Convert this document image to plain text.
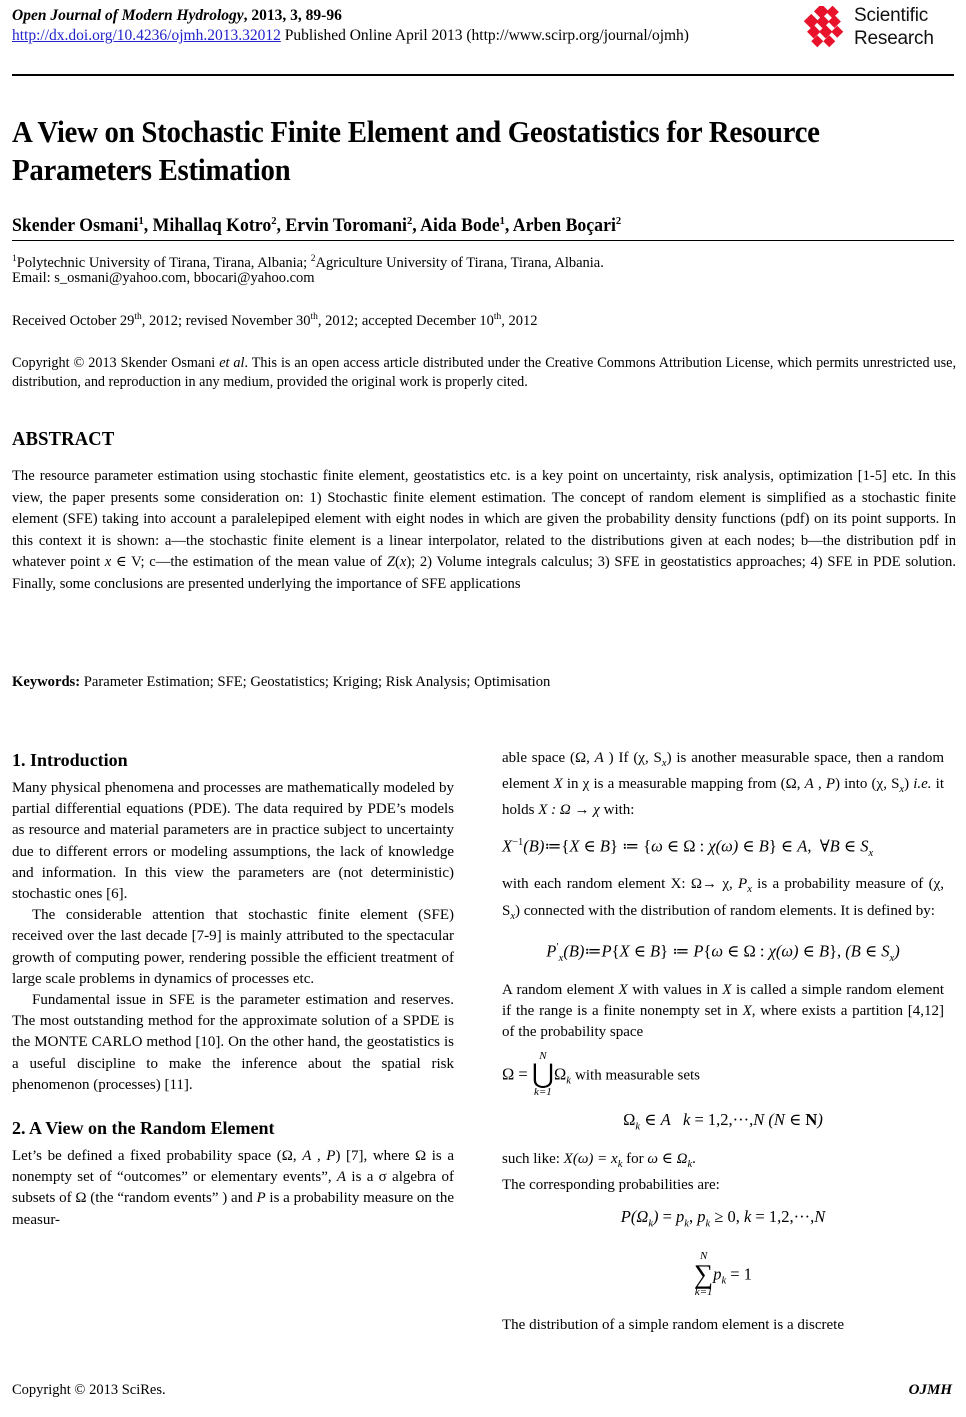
Open Journal of Modern Hydrology, 2013, 3, 89-96
http://dx.doi.org/10.4236/ojmh.2013.32012 Published Online April 2013 (http://www.scirp.org/journal/ojmh)
Scientific
Research
A View on Stochastic Finite Element and Geostatistics for Resource Parameters Estimation
Skender Osmani$^1$, Mihallaq Kotro$^2$, Ervin Toromani$^2$, Aida Bode$^1$, Arben Boçari$^2$
$^1$Polytechnic University of Tirana, Tirana, Albania; $^2$Agriculture University of Tirana, Tirana, Albania.
Email: s_osmani@yahoo.com, bbocari@yahoo.com
Received October 29th, 2012; revised November 30th, 2012; accepted December 10th, 2012
Copyright © 2013 Skender Osmani et al. This is an open access article distributed under the Creative Commons Attribution License, which permits unrestricted use, distribution, and reproduction in any medium, provided the original work is properly cited.
ABSTRACT
The resource parameter estimation using stochastic finite element, geostatistics etc. is a key point on uncertainty, risk analysis, optimization [1-5] etc. In this view, the paper presents some consideration on: 1) Stochastic finite element estimation. The concept of random element is simplified as a stochastic finite element (SFE) taking into account a paralelepiped element with eight nodes in which are given the probability density functions (pdf) on its point supports. In this context it is shown: a—the stochastic finite element is a linear interpolator, related to the distributions given at each nodes; b—the distribution pdf in whatever point x ∈ V; c—the estimation of the mean value of Z(x); 2) Volume integrals calculus; 3) SFE in geostatistics approaches; 4) SFE in PDE solution. Finally, some conclusions are presented underlying the importance of SFE applications
Keywords: Parameter Estimation; SFE; Geostatistics; Kriging; Risk Analysis; Optimisation
1. Introduction

Many physical phenomena and processes are mathematically modeled by partial differential equations (PDE). The data required by PDE’s models as resource and material parameters are in practice subject to uncertainty due to different errors or modeling assumptions, the lack of knowledge and information. In this view the parameters are (not deterministic) stochastic ones [6].

The considerable attention that stochastic finite element (SFE) received over the last decade [7-9] is mainly attributed to the spectacular growth of computing power, rendering possible the efficient treatment of large scale problems in dynamics of processes etc.

Fundamental issue in SFE is the parameter estimation and reserves. The most outstanding method for the approximate solution of a SPDE is the MONTE CARLO method [10]. On the other hand, the geostatistics is a useful discipline to make the inference about the spatial risk phenomenon (processes) [11].

2. A View on the Random Element

Let’s be defined a fixed probability space (Ω, A , P) [7], where Ω is a nonempty set of “outcomes” or elementary events”, A is a σ algebra of subsets of Ω (the “random events” ) and P is a probability measure on the measur-

able space (Ω, A ) If (χ, $S_x$) is another measurable space, then a random element X in χ is a measurable mapping from (Ω, A , P) into (χ, $S_x$) i.e. it holds X : Ω → χ with:

$X^{-1}(B)≔\{X$ ∈ B} ≔ {ω ∈ Ω : χ(ω) ∈ B} ∈ A,  ∀B ∈ $S_x$

with each random element X: Ω→ χ, $P_x$ is a probability measure of (χ, $S_x$) connected with the distribution of random elements. It is defined by:

$P'_x(B)≔P\{X$ ∈ B} ≔ P{ω ∈ Ω : χ(ω) ∈ B}, (B ∈ $S_x$)

A random element X with values in X is called a simple random element if the range is a finite nonempty set in X, where exists a partition [4,12] of the probability space

Ω =
N
⋃
k=1
$\Omega_k$ with measurable sets
$\Omega_k$ ∈ A k = 1,2,···,N (N ∈ N)

such like: $X(\omega) = x_k$ for ω ∈ $\Omega_k$.

The corresponding probabilities are:

$P(\Omega_k) = p_k$, $p_k \ge 0$, k = 1,2,···,N
N
∑
k=1
$p_k = 1$

The distribution of a simple random element is a discrete

Copyright © 2013 SciRes.	OJMH
